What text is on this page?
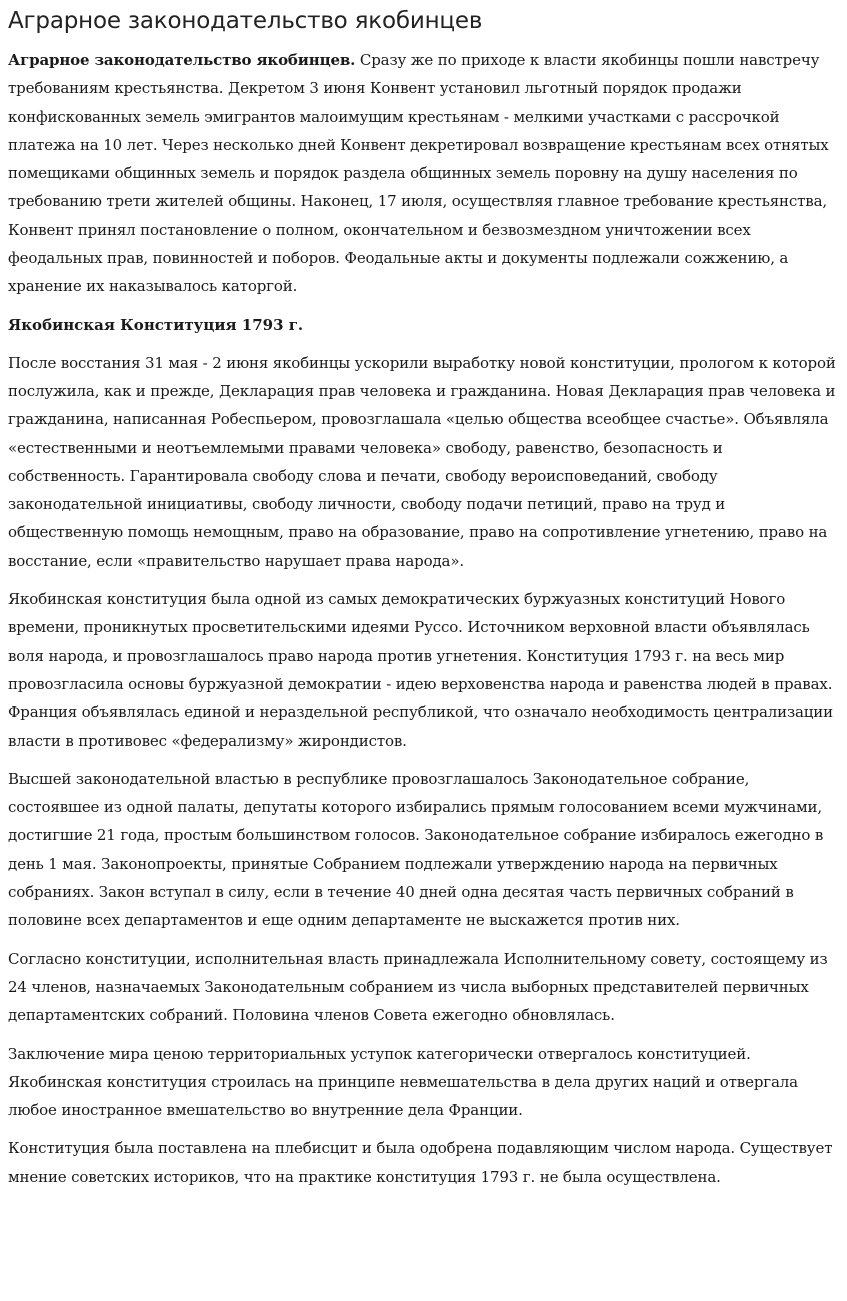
Аграрное законодательство якобинцев

Аграрное законодательство якобинцев. Сразу же по приходе к власти якобинцы пошли навстречу требованиям крестьянства. Декретом 3 июня Конвент установил льготный порядок продажи конфискованных земель эмигрантов малоимущим крестьянам - мелкими участками с рассрочкой платежа на 10 лет. Через несколько дней Конвент декретировал возвращение крестьянам всех отнятых помещиками общинных земель и порядок раздела общинных земель поровну на душу населения по требованию трети жителей общины. Наконец, 17 июля, осуществляя главное требование крестьянства, Конвент принял постановление о полном, окончательном и безвозмездном уничтожении всех феодальных прав, повинностей и поборов. Феодальные акты и документы подлежали сожжению, а хранение их наказывалось каторгой.

Якобинская Конституция 1793 г.

После восстания 31 мая - 2 июня якобинцы ускорили выработку новой конституции, прологом к которой послужила, как и прежде, Декларация прав человека и гражданина. Новая Декларация прав человека и гражданина, написанная Робеспьером, провозглашала «целью общества всеобщее счастье». Объявляла «естественными и неотъемлемыми правами человека» свободу, равенство, безопасность и собственность. Гарантировала свободу слова и печати, свободу вероисповеданий, свободу законодательной инициативы, свободу личности, свободу подачи петиций, право на труд и общественную помощь немощным, право на образование, право на сопротивление угнетению, право на восстание, если «правительство нарушает права народа».

Якобинская конституция была одной из самых демократических буржуазных конституций Нового времени, проникнутых просветительскими идеями Руссо. Источником верховной власти объявлялась воля народа, и провозглашалось право народа против угнетения. Конституция 1793 г. на весь мир провозгласила основы буржуазной демократии - идею верховенства народа и равенства людей в правах. Франция объявлялась единой и нераздельной республикой, что означало необходимость централизации власти в противовес «федерализму» жирондистов.

Высшей законодательной властью в республике провозглашалось Законодательное собрание, состоявшее из одной палаты, депутаты которого избирались прямым голосованием всеми мужчинами, достигшие 21 года, простым большинством голосов. Законодательное собрание избиралось ежегодно в день 1 мая. Законопроекты, принятые Собранием подлежали утверждению народа на первичных собраниях. Закон вступал в силу, если в течение 40 дней одна десятая часть первичных собраний в половине всех департаментов и еще одним департаменте не выскажется против них.

Согласно конституции, исполнительная власть принадлежала Исполнительному совету, состоящему из 24 членов, назначаемых Законодательным собранием из числа выборных представителей первичных департаментских собраний. Половина членов Совета ежегодно обновлялась.

Заключение мира ценою территориальных уступок категорически отвергалось конституцией. Якобинская конституция строилась на принципе невмешательства в дела других наций и отвергала любое иностранное вмешательство во внутренние дела Франции.

Конституция была поставлена на плебисцит и была одобрена подавляющим числом народа. Существует мнение советских историков, что на практике конституция 1793 г. не была осуществлена.
